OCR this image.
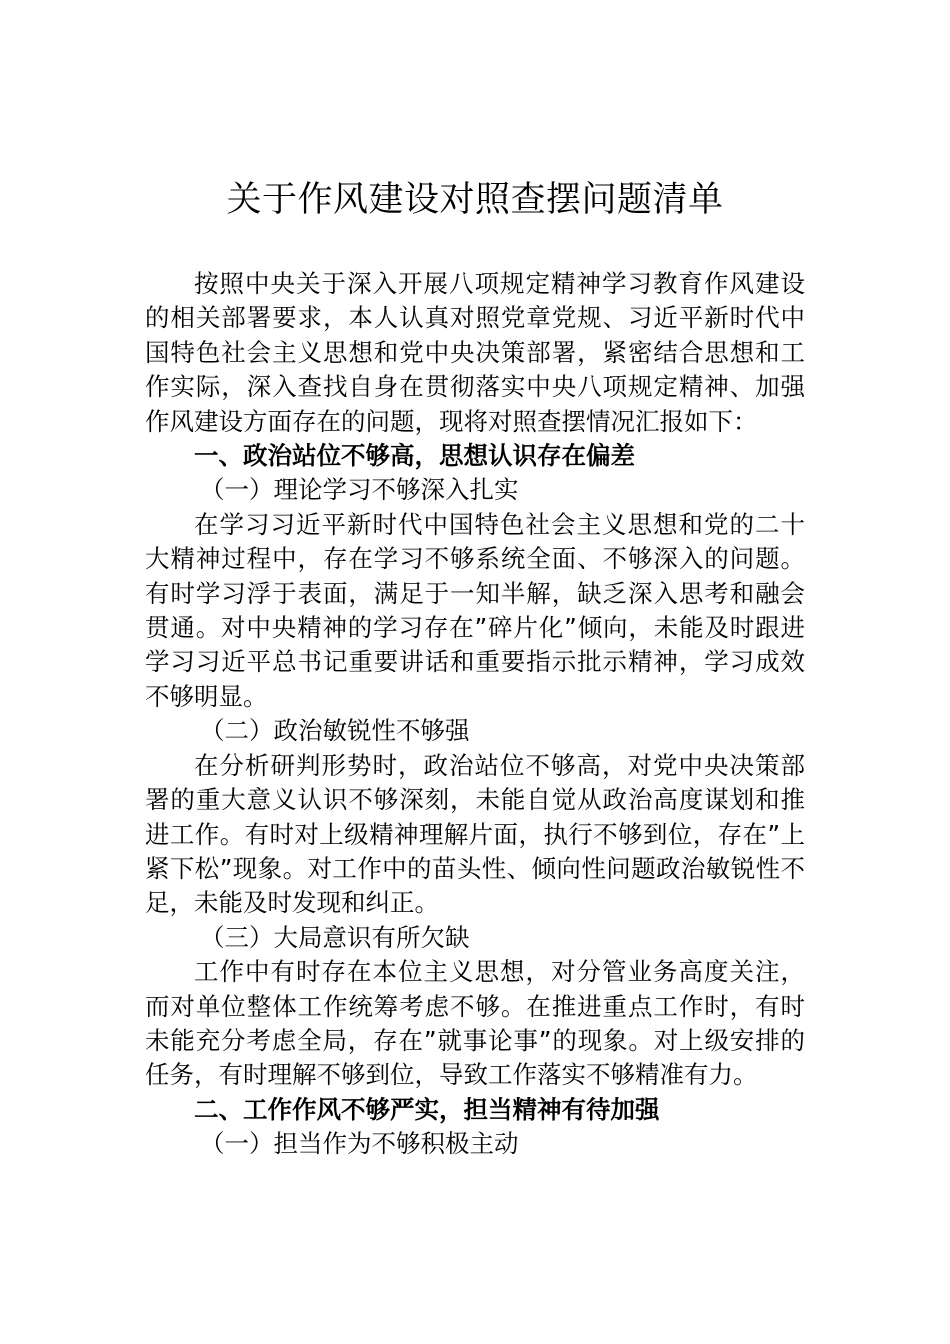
关于作风建设对照查摆问题清单

按照中央关于深入开展八项规定精神学习教育作风建设的相关部署要求，本人认真对照党章党规、习近平新时代中国特色社会主义思想和党中央决策部署，紧密结合思想和工作实际，深入查找自身在贯彻落实中央八项规定精神、加强作风建设方面存在的问题，现将对照查摆情况汇报如下：

一、政治站位不够高，思想认识存在偏差

（一）理论学习不够深入扎实

在学习习近平新时代中国特色社会主义思想和党的二十大精神过程中，存在学习不够系统全面、不够深入的问题。有时学习浮于表面，满足于一知半解，缺乏深入思考和融会贯通。对中央精神的学习存在”碎片化”倾向，未能及时跟进学习习近平总书记重要讲话和重要指示批示精神，学习成效不够明显。

（二）政治敏锐性不够强

在分析研判形势时，政治站位不够高，对党中央决策部署的重大意义认识不够深刻，未能自觉从政治高度谋划和推进工作。有时对上级精神理解片面，执行不够到位，存在”上紧下松”现象。对工作中的苗头性、倾向性问题政治敏锐性不足，未能及时发现和纠正。

（三）大局意识有所欠缺

工作中有时存在本位主义思想，对分管业务高度关注，而对单位整体工作统筹考虑不够。在推进重点工作时，有时未能充分考虑全局，存在”就事论事”的现象。对上级安排的任务，有时理解不够到位，导致工作落实不够精准有力。

二、工作作风不够严实，担当精神有待加强

（一）担当作为不够积极主动
